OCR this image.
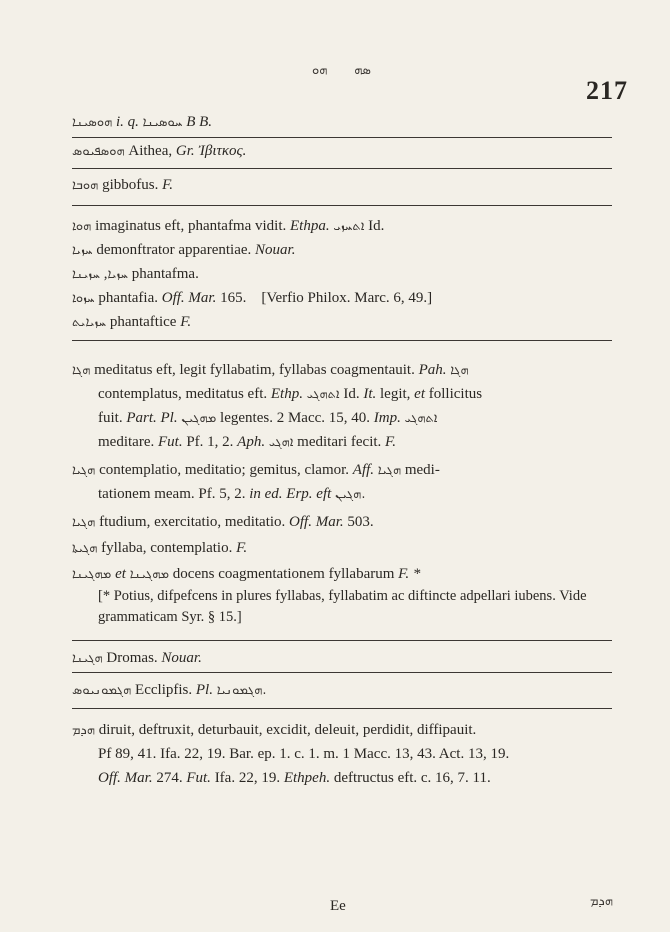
ܣܗ ܗܘ
217
ܗܘܣܝܢܐ i. q. ܚܘܣܝܢܐ B B.
ܗܘܣܦܝܘܣ Aithea, Gr. Ἰβιτκος.
ܗܘܒܐ gibbofus. F.
ܗܘܐ imaginatus eft, phantafma vidit. Ethpa. ܐܬܚܙܝ Id.
ܚܙܝܐ demonftrator apparentiae. Nouar.
ܚܙܝܐ, ܚܙܝܢܐ phantafma.
ܚܙܘܐ phantafia. Off. Mar. 165. [Verfio Philox. Marc. 6, 49.]
ܚܙܝܐܝܬ phantaftice F.
ܗܓܐ meditatus eft, legit fyllabatim, fyllabas coagmentauit. Pah. ܗܓܐ
contemplatus, meditatus eft. Ethp. ܐܬܗܓܝ Id. It. legit, et follicitus
fuit. Part. Pl. ܡܗܓܝܢ legentes. 2 Macc. 15, 40. Imp. ܐܬܗܓܝ
meditare. Fut. Pf. 1, 2. Aph. ܐܗܓܝ meditari fecit. F.
ܗܓܝܐ contemplatio, meditatio; gemitus, clamor. Aff. ܗܓܝܐ medi-
tationem meam. Pf. 5, 2. in ed. Erp. eft ܗܓܝܢ.
ܗܓܝܐ ftudium, exercitatio, meditatio. Off. Mar. 503.
ܗܓܝܬܐ fyllaba, contemplatio. F.
ܡܗܓܝܢܐ et ܡܗܓܝܢܐ docens coagmentationem fyllabarum F. *
[* Potius, difpefcens in plures fyllabas, fyllabatim ac diftincte adpellari iubens. Vide grammaticam Syr. § 15.]
ܗܓܝܢܐ Dromas. Nouar.
ܗܓܡܘܢܝܘܣ Ecclipfis. Pl. ܗܓܡܘܢܝܐ.
ܗܕܡ diruit, deftruxit, deturbauit, excidit, deleuit, perdidit, diffipauit.
Pf 89, 41. Ifa. 22, 19. Bar. ep. 1. c. 1. m. 1 Macc. 13, 43. Act. 13, 19.
Off. Mar. 274. Fut. Ifa. 22, 19. Ethpeh. deftructus eft. c. 16, 7. 11.
Ee	ܗܕܡ
